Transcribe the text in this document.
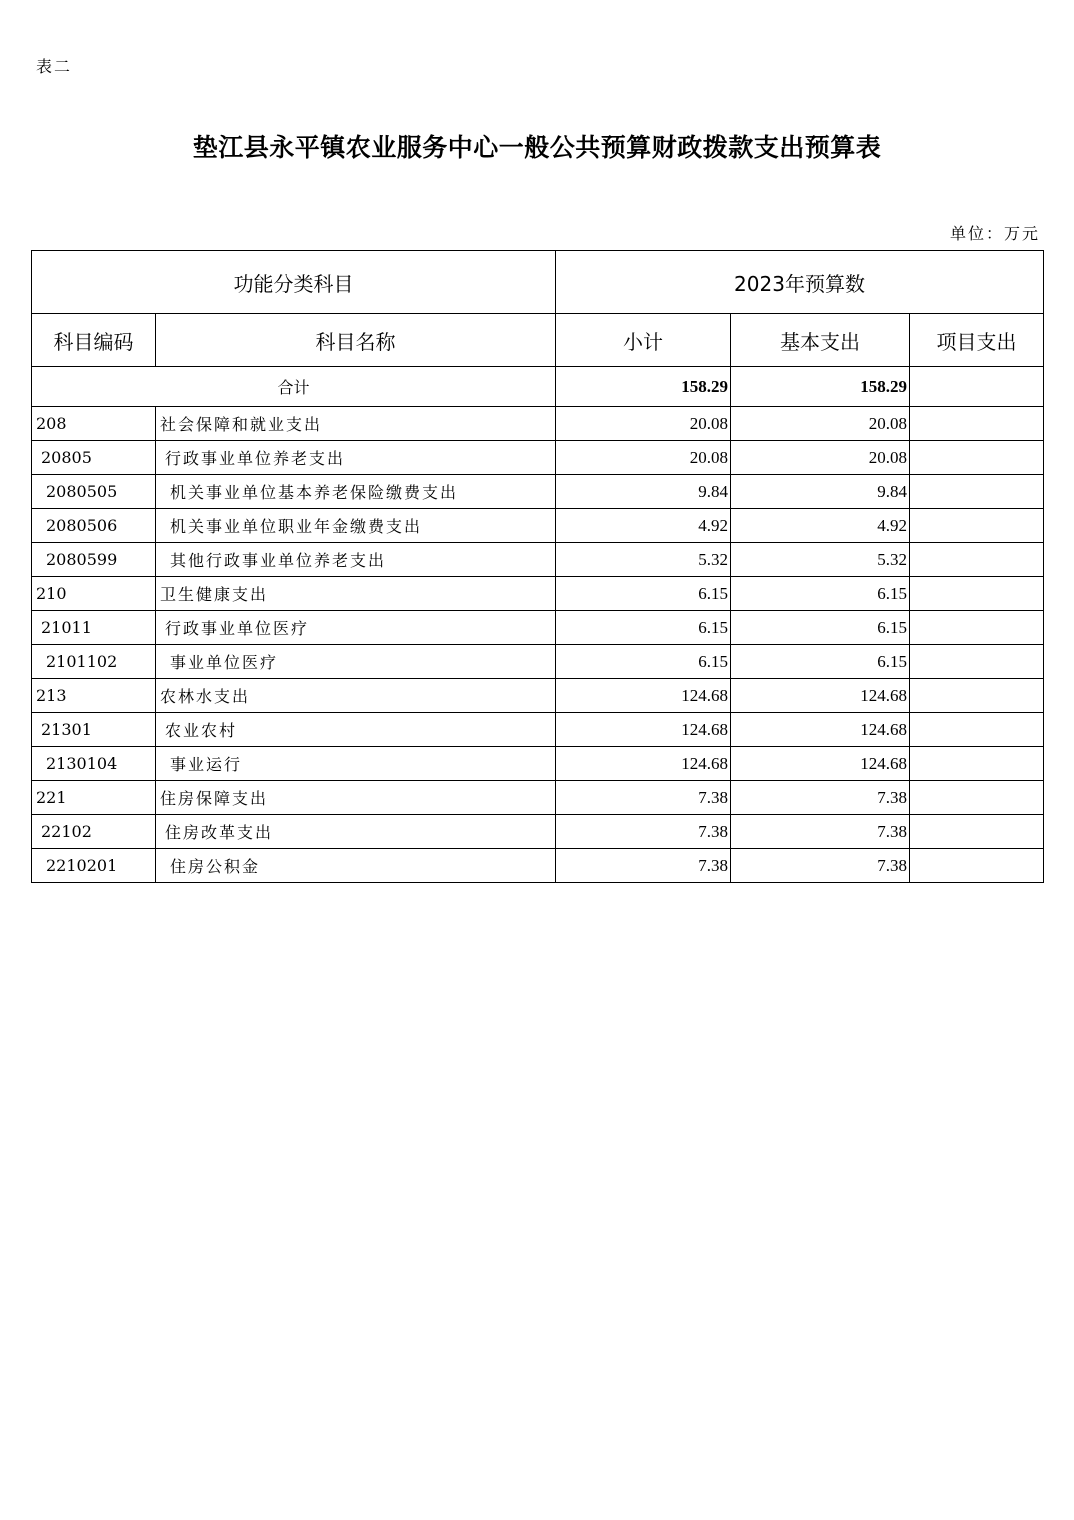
表二
垫江县永平镇农业服务中心一般公共预算财政拨款支出预算表
单位：万元
功能分类科目		2023年预算数		
科目编码	科目名称	小计	基本支出	项目支出
合计		158.29	158.29	
208	社会保障和就业支出	20.08	20.08	
20805	行政事业单位养老支出	20.08	20.08	
2080505	机关事业单位基本养老保险缴费支出	9.84	9.84	
2080506	机关事业单位职业年金缴费支出	4.92	4.92	
2080599	其他行政事业单位养老支出	5.32	5.32	
210	卫生健康支出	6.15	6.15	
21011	行政事业单位医疗	6.15	6.15	
2101102	事业单位医疗	6.15	6.15	
213	农林水支出	124.68	124.68	
21301	农业农村	124.68	124.68	
2130104	事业运行	124.68	124.68	
221	住房保障支出	7.38	7.38	
22102	住房改革支出	7.38	7.38	
2210201	住房公积金	7.38	7.38	
